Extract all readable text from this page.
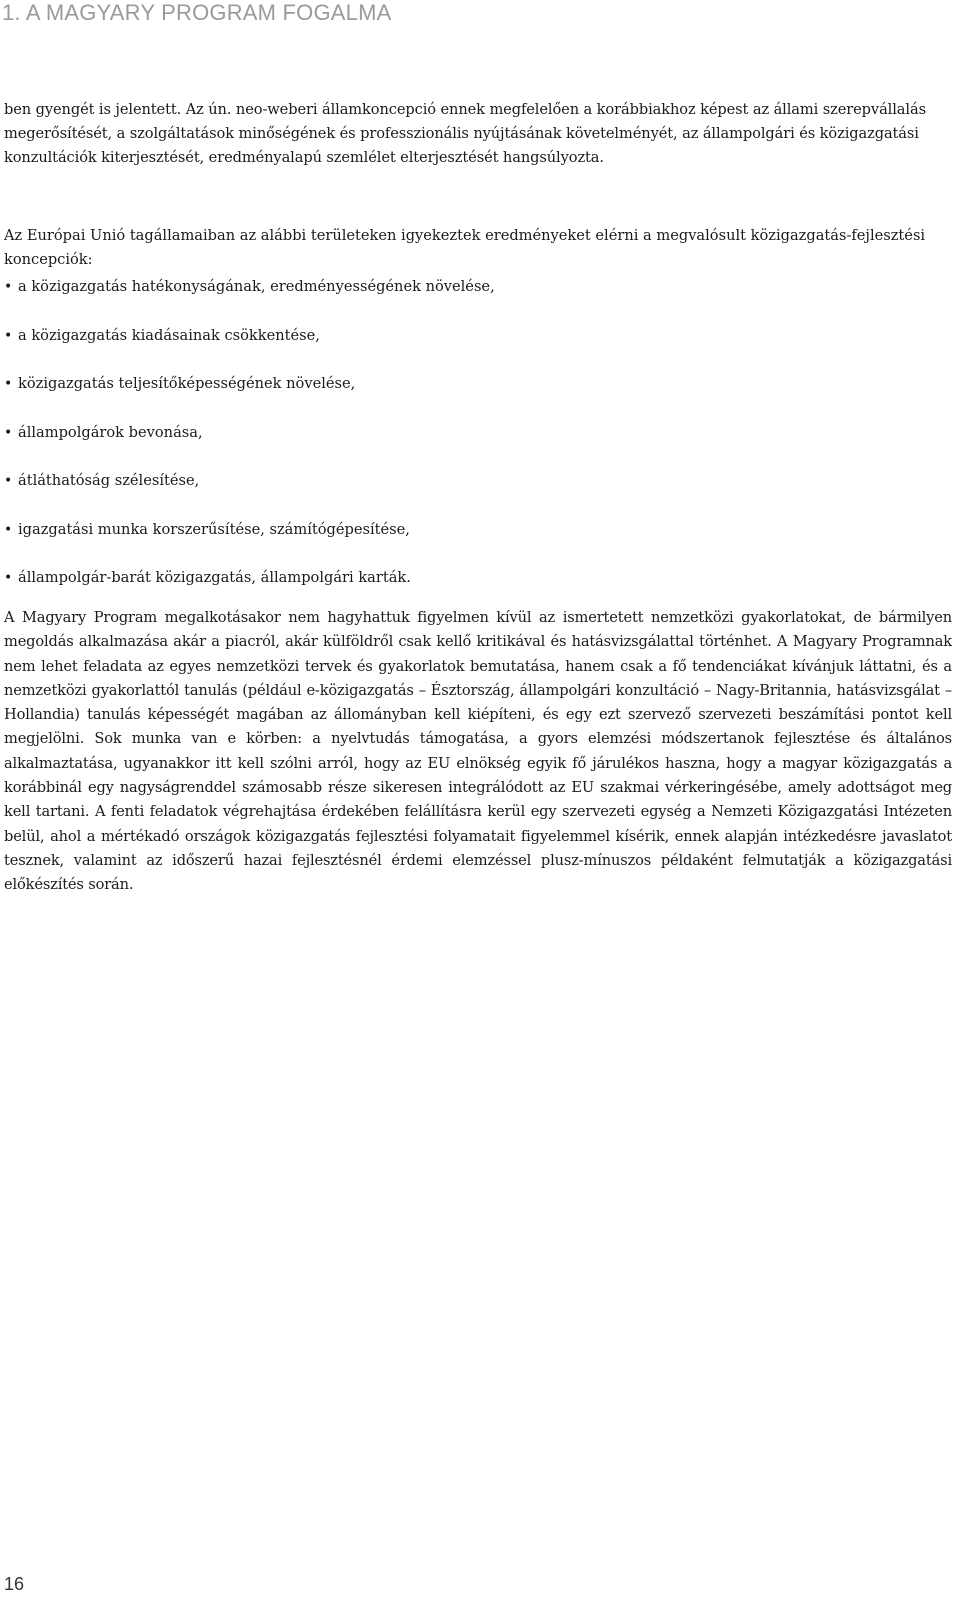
1. A MAGYARY PROGRAM FOGALMA
ben gyengét is jelentett. Az ún. neo-weberi államkoncepció ennek megfelelően a korábbiakhoz képest az állami szerepvállalás megerősítését, a szolgáltatások minőségének és professzionális nyújtásának követelményét, az állampolgári és közigazgatási konzultációk kiterjesztését, eredményalapú szemlélet elterjesztését hangsúlyozta.
Az Európai Unió tagállamaiban az alábbi területeken igyekeztek eredményeket elérni a megvalósult közigazgatás-fejlesztési koncepciók:
• a közigazgatás hatékonyságának, eredményességének növelése,
• a közigazgatás kiadásainak csökkentése,
• közigazgatás teljesítőképességének növelése,
• állampolgárok bevonása,
• átláthatóság szélesítése,
• igazgatási munka korszerűsítése, számítógépesítése,
• állampolgár-barát közigazgatás, állampolgári karták.
A Magyary Program megalkotásakor nem hagyhattuk figyelmen kívül az ismertetett nemzetközi gyakorlatokat, de bármilyen megoldás alkalmazása akár a piacról, akár külföldről csak kellő kritikával és hatásvizsgálattal történhet. A Magyary Programnak nem lehet feladata az egyes nemzetközi tervek és gyakorlatok bemutatása, hanem csak a fő tendenciákat kívánjuk láttatni, és a nemzetközi gyakorlattól tanulás (például e-közigazgatás – Észtország, állampolgári konzultáció – Nagy-Britannia, hatásvizsgálat – Hollandia) tanulás képességét magában az állományban kell kiépíteni, és egy ezt szervező szervezeti beszámítási pontot kell megjelölni. Sok munka van e körben: a nyelvtudás támogatása, a gyors elemzési módszertanok fejlesztése és általános alkalmaztatása, ugyanakkor itt kell szólni arról, hogy az EU elnökség egyik fő járulékos haszna, hogy a magyar közigazgatás a korábbinál egy nagyságrenddel számosabb része sikeresen integrálódott az EU szakmai vérkeringésébe, amely adottságot meg kell tartani. A fenti feladatok végrehajtása érdekében felállításra kerül egy szervezeti egység a Nemzeti Közigazgatási Intézeten belül, ahol a mértékadó országok közigazgatás fejlesztési folyamatait figyelemmel kísérik, ennek alapján intézkedésre javaslatot tesznek, valamint az időszerű hazai fejlesztésnél érdemi elemzéssel plusz-mínuszos példaként felmutatják a közigazgatási előkészítés során.
16
